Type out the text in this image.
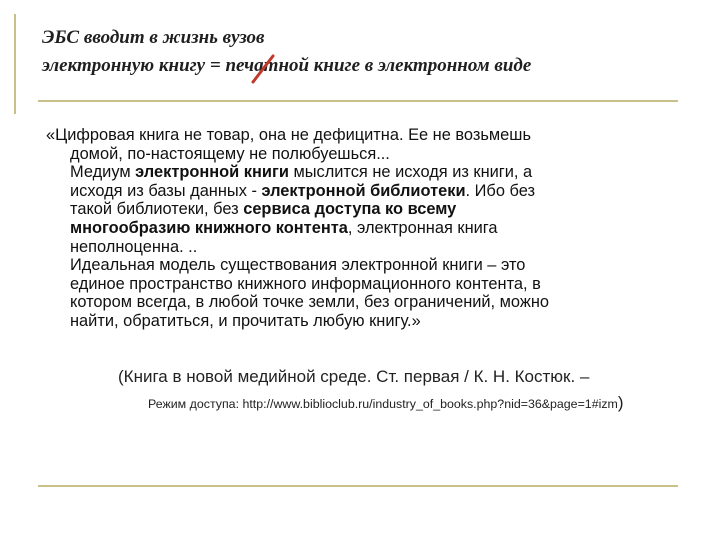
ЭБС вводит в жизнь вузов
электронную книгу = печатной книге в электронном виде
«Цифровая книга не товар, она не дефицитна. Ее не возьмешь
домой, по-настоящему не полюбуешься...
Медиум электронной книги мыслится не исходя из книги, а
исходя из базы данных - электронной библиотеки. Ибо без
такой библиотеки, без сервиса доступа ко всему
многообразию книжного контента, электронная книга
неполноценна. ..
Идеальная модель существования электронной книги – это
единое пространство книжного информационного контента, в
котором всегда, в любой точке земли, без ограничений, можно
найти, обратиться, и прочитать любую книгу.»
(Книга в новой медийной среде. Ст. первая / К. Н. Костюк. –
Режим доступа: http://www.biblioclub.ru/industry_of_books.php?nid=36&page=1#izm)
